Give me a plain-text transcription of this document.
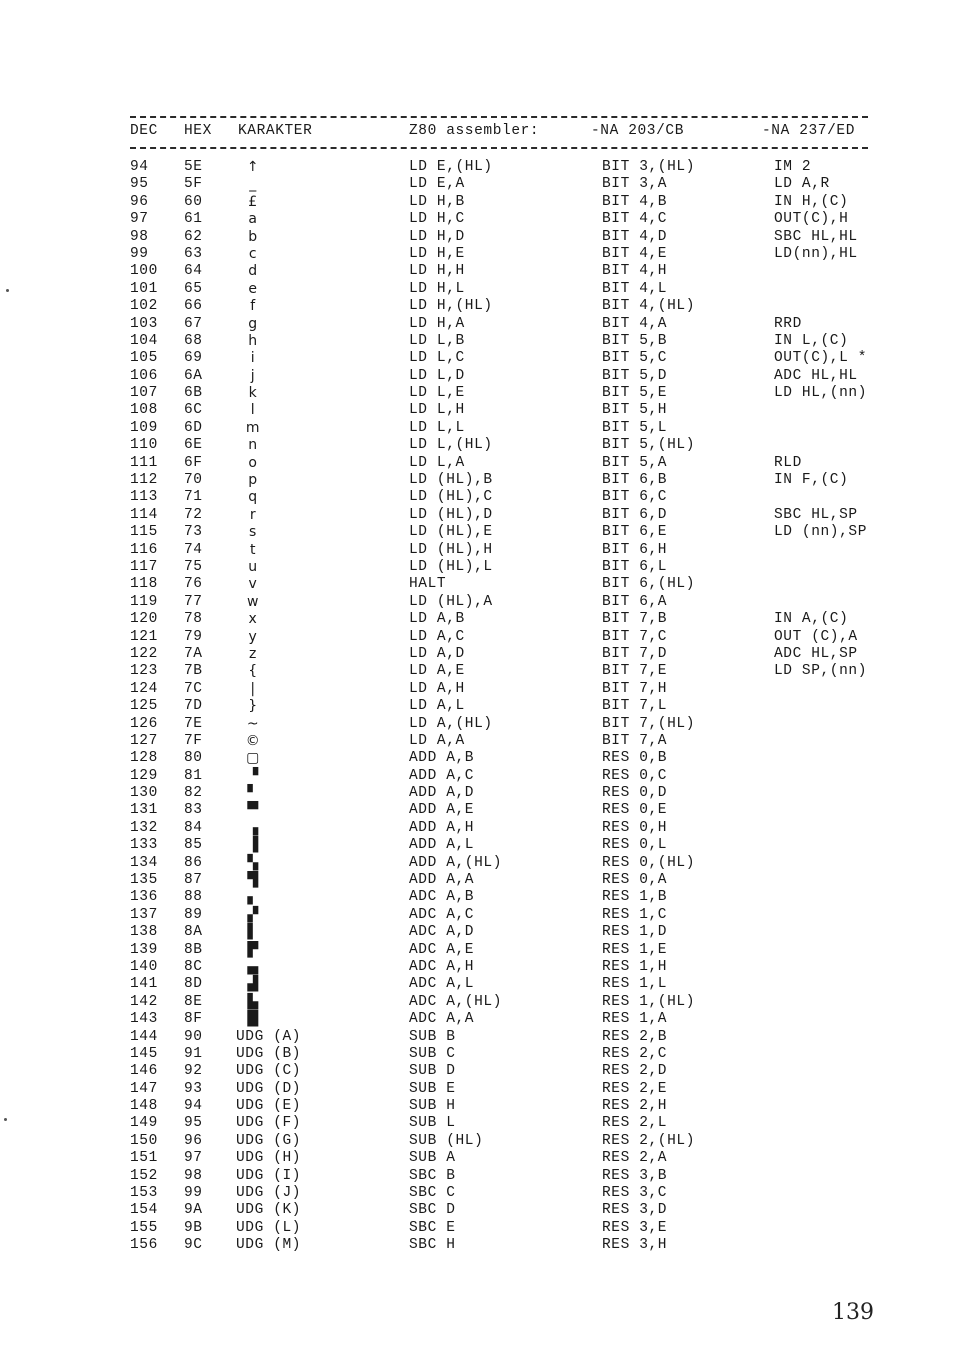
DEC HEX KARAKTER	Z80 assembler:	-NA 203/CB	-NA 237/ED
94 5E	↑	LD E,(HL)	BIT 3,(HL)	IM 2
95 5F	_	LD E,A	BIT 3,A	LD A,R
96 60	£	LD H,B	BIT 4,B	IN H,(C)
97 61	a	LD H,C	BIT 4,C	OUT(C),H
98 62	b	LD H,D	BIT 4,D	SBC HL,HL
99 63	c	LD H,E	BIT 4,E	LD(nn),HL
100 64	d	LD H,H	BIT 4,H
101 65	e	LD H,L	BIT 4,L
102 66	f	LD H,(HL)	BIT 4,(HL)
103 67	g	LD H,A	BIT 4,A	RRD
104 68	h	LD L,B	BIT 5,B	IN L,(C)
105 69	i	LD L,C	BIT 5,C	OUT(C),L *
106 6A	j	LD L,D	BIT 5,D	ADC HL,HL
107 6B	k	LD L,E	BIT 5,E	LD HL,(nn)
108 6C	l	LD L,H	BIT 5,H
109 6D	m	LD L,L	BIT 5,L
110 6E	n	LD L,(HL)	BIT 5,(HL)
111 6F	o	LD L,A	BIT 5,A	RLD
112 70	p	LD (HL),B	BIT 6,B	IN F,(C)
113 71	q	LD (HL),C	BIT 6,C
114 72	r	LD (HL),D	BIT 6,D	SBC HL,SP
115 73	s	LD (HL),E	BIT 6,E	LD (nn),SP
116 74	t	LD (HL),H	BIT 6,H
117 75	u	LD (HL),L	BIT 6,L
118 76	v	HALT	BIT 6,(HL)
119 77	w	LD (HL),A	BIT 6,A
120 78	x	LD A,B	BIT 7,B	IN A,(C)
121 79	y	LD A,C	BIT 7,C	OUT (C),A
122 7A	z	LD A,D	BIT 7,D	ADC HL,SP
123 7B	{	LD A,E	BIT 7,E	LD SP,(nn)
124 7C	|	LD A,H	BIT 7,H
125 7D	}	LD A,L	BIT 7,L
126 7E	~	LD A,(HL)	BIT 7,(HL)
127 7F	©	LD A,A	BIT 7,A
128 80	▢	ADD A,B	RES 0,B
129 81	▝	ADD A,C	RES 0,C
130 82	▘	ADD A,D	RES 0,D
131 83	▀	ADD A,E	RES 0,E
132 84	▗	ADD A,H	RES 0,H
133 85	▐	ADD A,L	RES 0,L
134 86	▚	ADD A,(HL)	RES 0,(HL)
135 87	▜	ADD A,A	RES 0,A
136 88	▖	ADC A,B	RES 1,B
137 89	▞	ADC A,C	RES 1,C
138 8A	▌	ADC A,D	RES 1,D
139 8B	▛	ADC A,E	RES 1,E
140 8C	▄	ADC A,H	RES 1,H
141 8D	▟	ADC A,L	RES 1,L
142 8E	▙	ADC A,(HL)	RES 1,(HL)
143 8F	█	ADC A,A	RES 1,A
144 90 UDG (A)	SUB B	RES 2,B
145 91 UDG (B)	SUB C	RES 2,C
146 92 UDG (C)	SUB D	RES 2,D
147 93 UDG (D)	SUB E	RES 2,E
148 94 UDG (E)	SUB H	RES 2,H
149 95 UDG (F)	SUB L	RES 2,L
150 96 UDG (G)	SUB (HL)	RES 2,(HL)
151 97 UDG (H)	SUB A	RES 2,A
152 98 UDG (I)	SBC B	RES 3,B
153 99 UDG (J)	SBC C	RES 3,C
154 9A UDG (K)	SBC D	RES 3,D
155 9B UDG (L)	SBC E	RES 3,E
156 9C UDG (M)	SBC H	RES 3,H
139
